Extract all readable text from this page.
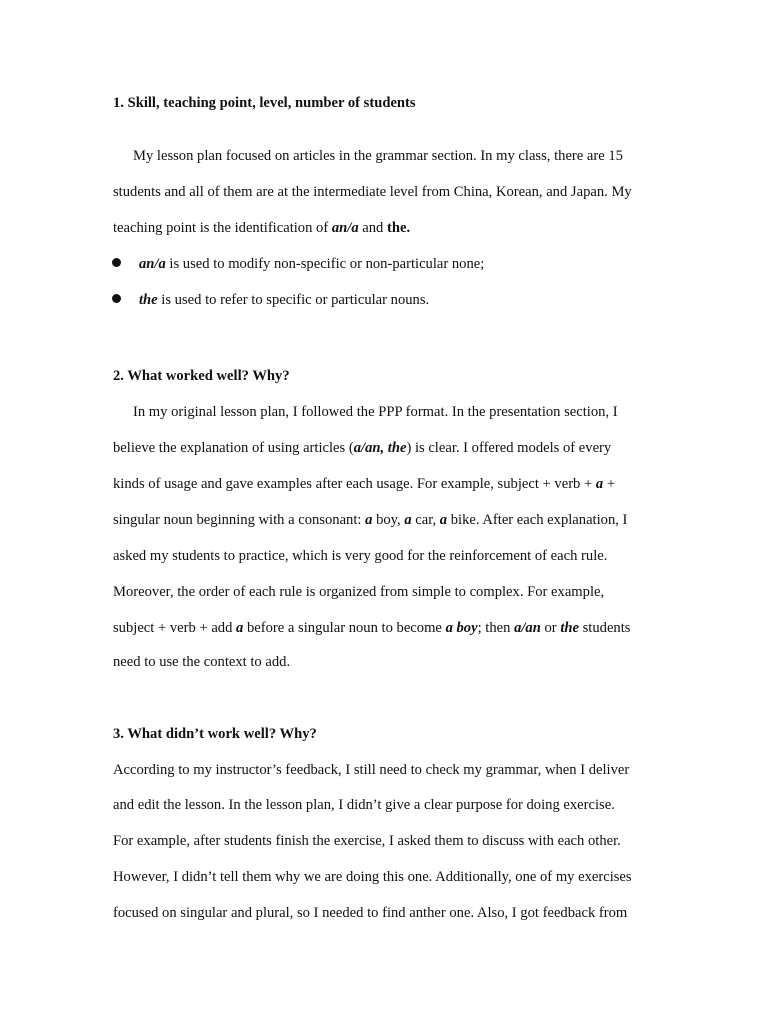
1. Skill, teaching point, level, number of students
My lesson plan focused on articles in the grammar section. In my class, there are 15
students and all of them are at the intermediate level from China, Korean, and Japan. My
teaching point is the identification of an/a and the.
an/a is used to modify non-specific or non-particular none;
the is used to refer to specific or particular nouns.
2. What worked well? Why?
In my original lesson plan, I followed the PPP format. In the presentation section, I
believe the explanation of using articles (a/an, the) is clear. I offered models of every
kinds of usage and gave examples after each usage. For example, subject + verb + a +
singular noun beginning with a consonant: a boy, a car, a bike. After each explanation, I
asked my students to practice, which is very good for the reinforcement of each rule.
Moreover, the order of each rule is organized from simple to complex. For example,
subject + verb + add a before a singular noun to become a boy; then a/an or the students
need to use the context to add.
3. What didn’t work well? Why?
According to my instructor’s feedback, I still need to check my grammar, when I deliver
and edit the lesson. In the lesson plan, I didn’t give a clear purpose for doing exercise.
For example, after students finish the exercise, I asked them to discuss with each other.
However, I didn’t tell them why we are doing this one. Additionally, one of my exercises
focused on singular and plural, so I needed to find anther one. Also, I got feedback from
